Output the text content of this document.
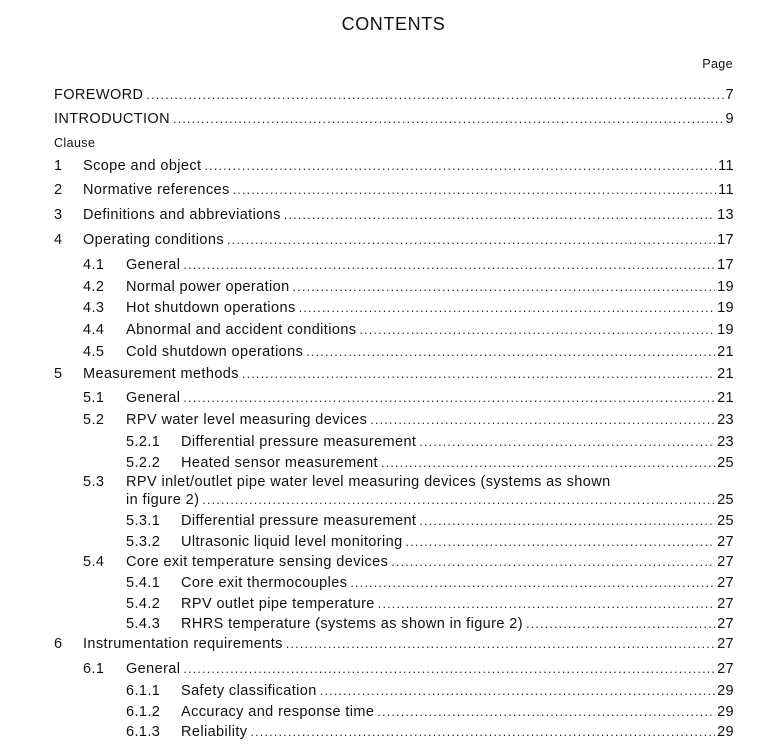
CONTENTS
Page
Clause
FOREWORD .....	7
INTRODUCTION .....	9
1	Scope and object .....	11
2	Normative references .....	11
3	Definitions and abbreviations .....	13
4	Operating conditions .....	17
4.1	General .....	17
4.2	Normal power operation .....	19
4.3	Hot shutdown operations .....	19
4.4	Abnormal and accident conditions .....	19
4.5	Cold shutdown operations .....	21
5	Measurement methods .....	21
5.1	General .....	21
5.2	RPV water level measuring devices .....	23
5.2.1	Differential pressure measurement .....	23
5.2.2	Heated sensor measurement .....	25
5.3	RPV inlet/outlet pipe water level measuring devices (systems as shown
in figure 2) .....	25
5.3.1	Differential pressure measurement .....	25
5.3.2	Ultrasonic liquid level monitoring .....	27
5.4	Core exit temperature sensing devices .....	27
5.4.1	Core exit thermocouples .....	27
5.4.2	RPV outlet pipe temperature .....	27
5.4.3	RHRS temperature (systems as shown in figure 2) .....	27
6	Instrumentation requirements .....	27
6.1	General .....	27
6.1.1	Safety classification .....	29
6.1.2	Accuracy and response time .....	29
6.1.3	Reliability .....	29
